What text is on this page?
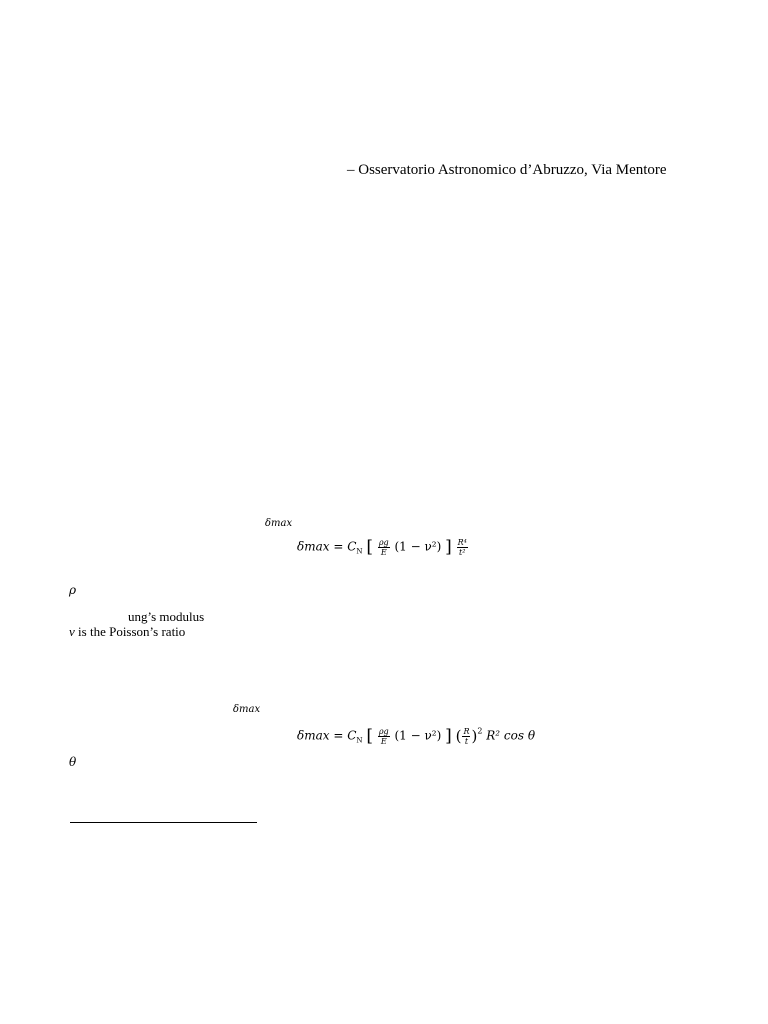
– Osservatorio Astronomico d’Abruzzo, Via Mentore
δmax
$\delta\max = C_N$ [ $\frac{\rho g}{E} (1 - \nu^2)$ ] $\frac{\text{R⁴}}{\text{t²}}$
ρ
ung’s modulus
ν is the Poisson’s ratio
δmax
$\delta\max = C_N$ [ $\frac{\rho g}{E} (1 - \nu^2)$ ] ( $\frac{R}{t} )^2$ R² cos θ
θ
